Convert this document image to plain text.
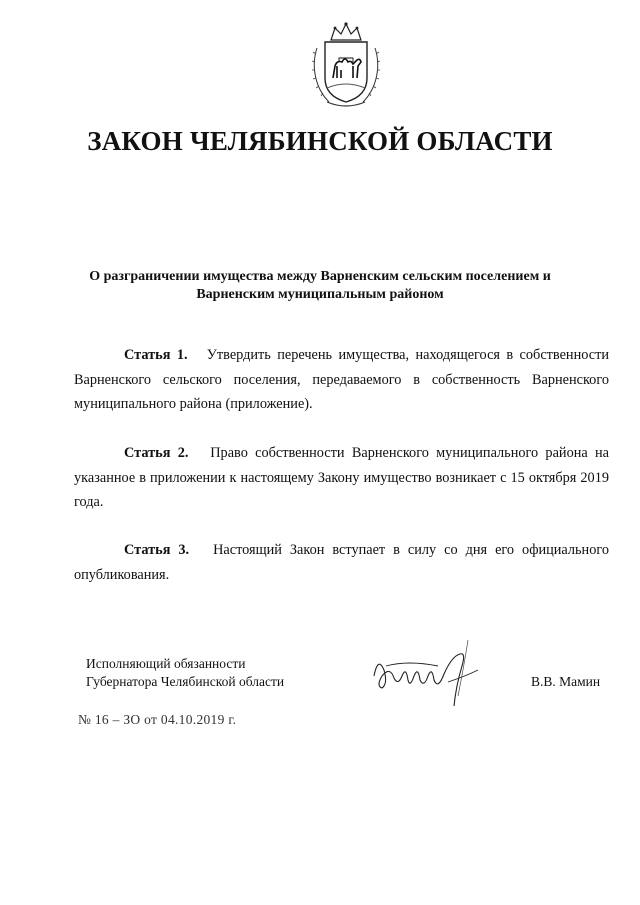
ЗАКОН ЧЕЛЯБИНСКОЙ ОБЛАСТИ
О разграничении имущества между Варненским сельским поселением и
Варненским муниципальным районом

Статья 1. Утвердить перечень имущества, находящегося в собственности Варненского сельского поселения, передаваемого в собственность Варненского муниципального района (приложение).

Статья 2. Право собственности Варненского муниципального района на указанное в приложении к настоящему Закону имущество возникает с 15 октября 2019 года.

Статья 3. Настоящий Закон вступает в силу со дня его официального опубликования.

Исполняющий обязанности
Губернатора Челябинской области	В.В. Мамин
№ 16 – ЗО от 04.10.2019 г.
